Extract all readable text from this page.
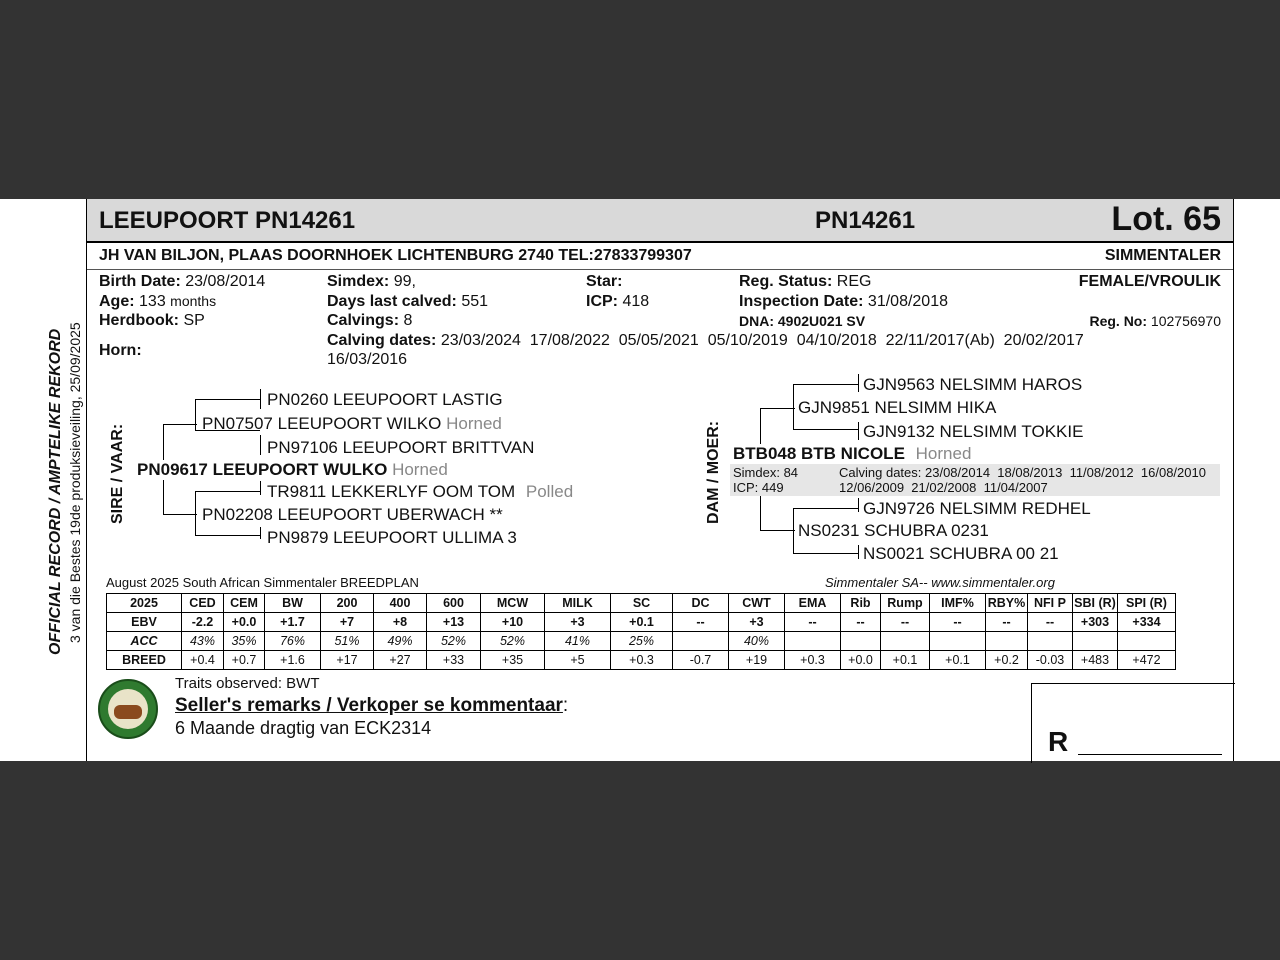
OFFICIAL RECORD / AMPTELIKE REKORD 3 van die Bestes 19de produksieveiling, 25/09/2025
LEEUPOORT PN14261	PN14261	Lot. 65
JH VAN BILJON, PLAAS DOORNHOEK LICHTENBURG 2740 TEL:27833799307	SIMMENTALER
Birth Date: 23/08/2014
Age: 133 months
Herdbook: SP
Horn:
Simdex: 99,
Days last calved: 551
Calvings: 8
Calving dates: 23/03/2024  17/08/2022  05/05/2021  05/10/2019  04/10/2018  22/11/2017(Ab)  20/02/2017
16/03/2016
Star:
ICP: 418
Reg. Status: REG
Inspection Date: 31/08/2018
DNA: 4902U021 SV
FEMALE/VROULIK
Reg. No: 102756970
SIRE / VAAR:
PN0260 LEEUPOORT LASTIG
PN07507 LEEUPOORT WILKO Horned
PN97106 LEEUPOORT BRITTVAN
PN09617 LEEUPOORT WULKO Horned
TR9811 LEKKERLYF OOM TOM Polled
PN02208 LEEUPOORT UBERWACH **
PN9879 LEEUPOORT ULLIMA 3
DAM / MOER:
GJN9563 NELSIMM HAROS
GJN9851 NELSIMM HIKA
GJN9132 NELSIMM TOKKIE
BTB048 BTB NICOLE Horned
Simdex: 84
ICP: 449
Calving dates: 23/08/2014  18/08/2013  11/08/2012  16/08/2010
12/06/2009  21/02/2008  11/04/2007
GJN9726 NELSIMM REDHEL
NS0231 SCHUBRA 0231
NS0021 SCHUBRA 00 21
August 2025 South African Simmentaler BREEDPLAN	Simmentaler SA-- www.simmentaler.org
2025	CED	CEM	BW	200	400	600	MCW	MILK	SC	DC	CWT	EMA	Rib	Rump	IMF%	RBY%	NFI P	SBI (R)	SPI (R)
EBV	-2.2	+0.0	+1.7	+7	+8	+13	+10	+3	+0.1	--	+3	--	--	--	--	--	--	+303	+334
ACC	43%	35%	76%	51%	49%	52%	52%	41%	25%		40%								
BREED	+0.4	+0.7	+1.6	+17	+27	+33	+35	+5	+0.3	-0.7	+19	+0.3	+0.0	+0.1	+0.1	+0.2	-0.03	+483	+472
Traits observed: BWT
Seller's remarks / Verkoper se kommentaar:
6 Maande dragtig van ECK2314	R
